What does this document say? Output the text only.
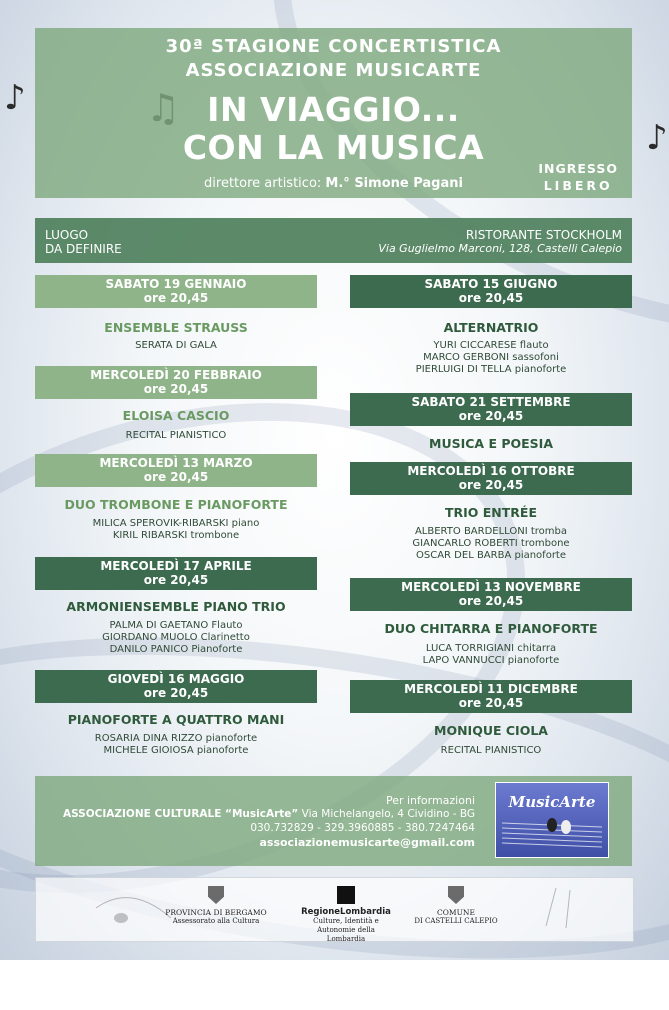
♪
♪
30ª STAGIONE CONCERTISTICA
ASSOCIAZIONE MUSICARTE
IN VIAGGIO...
CON LA MUSICA
direttore artistico: M.° Simone Pagani
INGRESSO
LIBERO
LUOGO
DA DEFINIRE
RISTORANTE STOCKHOLM
Via Guglielmo Marconi, 128, Castelli Calepio
SABATO 19 GENNAIO
ore 20,45
ENSEMBLE STRAUSS
SERATA DI GALA
MERCOLEDÌ 20 FEBBRAIO
ore 20,45
ELOISA CASCIO
RECITAL PIANISTICO
MERCOLEDÌ 13 MARZO
ore 20,45
DUO TROMBONE E PIANOFORTE
MILICA SPEROVIK-RIBARSKI piano
KIRIL RIBARSKI trombone
MERCOLEDÌ 17 APRILE
ore 20,45
ARMONIENSEMBLE PIANO TRIO
PALMA DI GAETANO Flauto
GIORDANO MUOLO Clarinetto
DANILO PANICO Pianoforte
GIOVEDÌ 16 MAGGIO
ore 20,45
PIANOFORTE A QUATTRO MANI
ROSARIA DINA RIZZO pianoforte
MICHELE GIOIOSA pianoforte
SABATO 15 GIUGNO
ore 20,45
ALTERNATRIO
YURI CICCARESE flauto
MARCO GERBONI sassofoni
PIERLUIGI DI TELLA pianoforte
SABATO 21 SETTEMBRE
ore 20,45
MUSICA E POESIA
MERCOLEDÌ 16 OTTOBRE
ore 20,45
TRIO ENTRÉE
ALBERTO BARDELLONI tromba
GIANCARLO ROBERTI trombone
OSCAR DEL BARBA pianoforte
MERCOLEDÌ 13 NOVEMBRE
ore 20,45
DUO CHITARRA E PIANOFORTE
LUCA TORRIGIANI chitarra
LAPO VANNUCCI pianoforte
MERCOLEDÌ 11 DICEMBRE
ore 20,45
MONIQUE CIOLA
RECITAL PIANISTICO
Per informazioni
ASSOCIAZIONE CULTURALE “MusicArte” Via Michelangelo, 4 Cividino - BG
030.732829 - 329.3960885 - 380.7247464
associazionemusicarte@gmail.com
MusicArte
PROVINCIA DI BERGAMO
Assessorato alla Cultura
RegioneLombardia
Culture, Identità e Autonomie della Lombardia
COMUNE
DI CASTELLI CALEPIO
